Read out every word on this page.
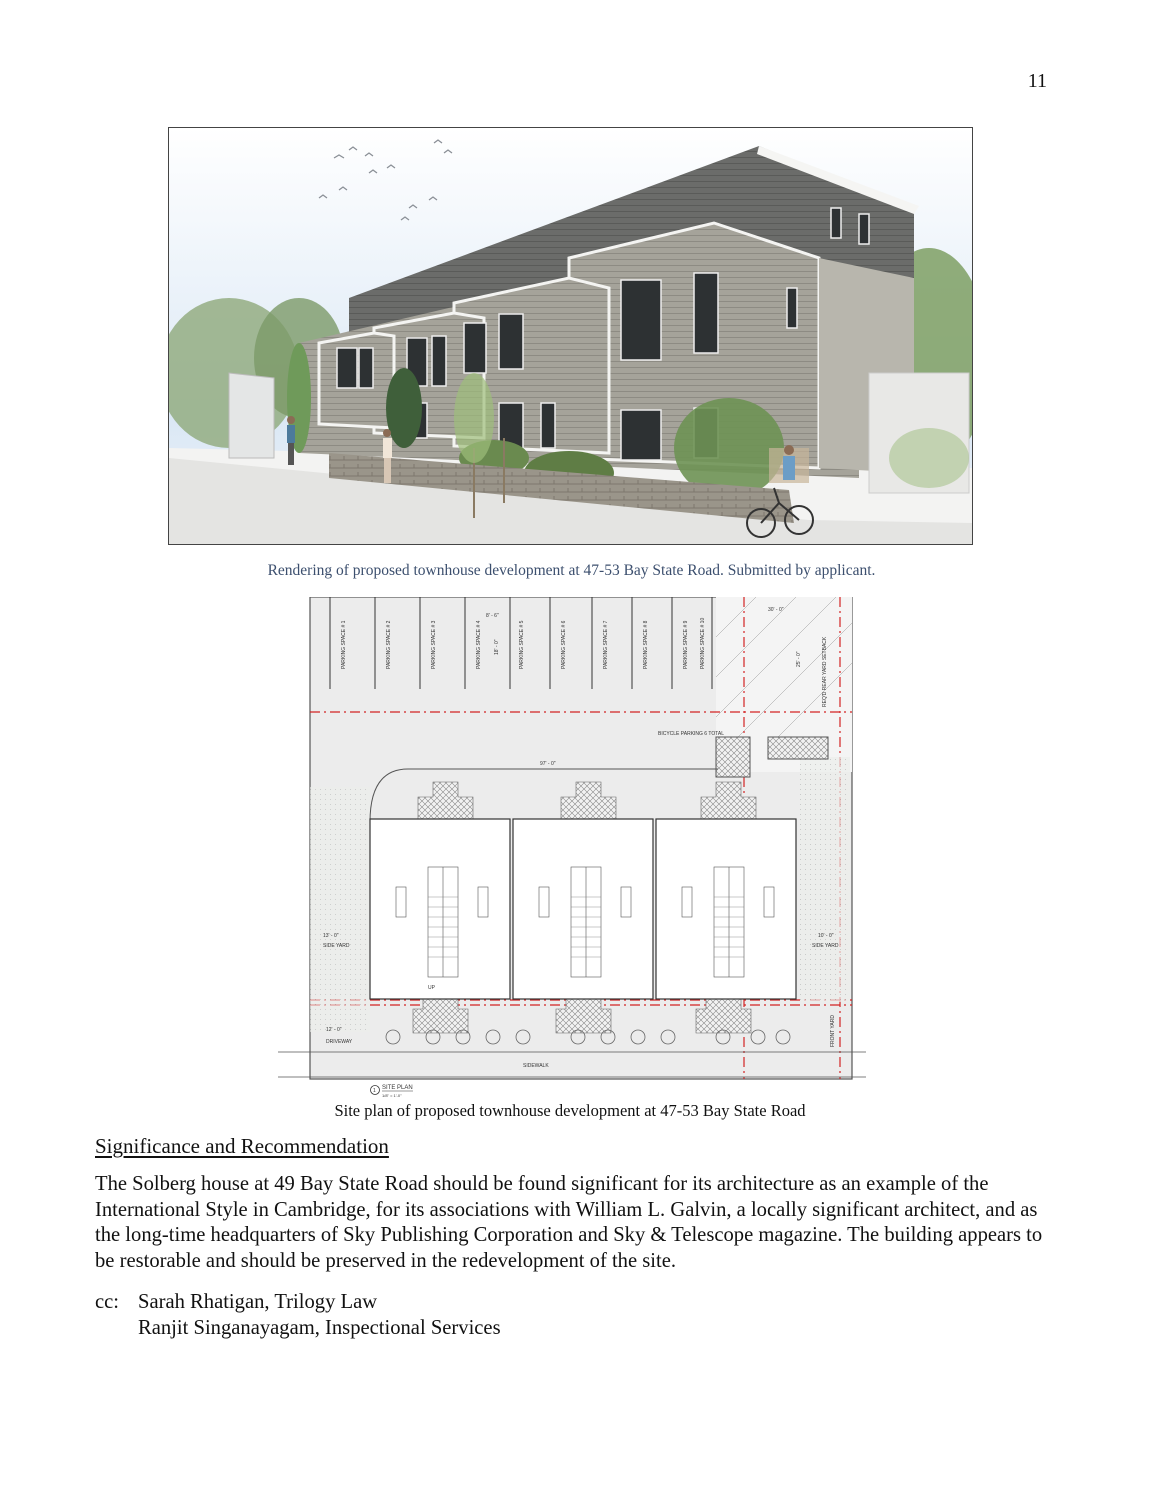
11
Rendering of proposed townhouse development at 47-53 Bay State Road. Submitted by applicant.
PARKING SPACE # 1	PARKING SPACE # 2	PARKING SPACE # 3	PARKING SPACE # 4	PARKING SPACE # 5	PARKING SPACE # 6	PARKING SPACE # 7	PARKING SPACE # 8	PARKING SPACE # 9 PARKING SPACE # 10
8' - 6"
18' - 0"
30' - 0"
REQ'D REAR YARD SETBACK
25' - 0"
BICYCLE PARKING 6 TOTAL
97' - 0"
UP
13' - 0"
SIDE YARD
10' - 0"
SIDE YARD
12' - 0"
DRIVEWAY
SIDEWALK
FRONT YARD
1 SITE PLAN
1/8" = 1'-0"
Site plan of proposed townhouse development at 47-53 Bay State Road
Significance and Recommendation

The Solberg house at 49 Bay State Road should be found significant for its architecture as an example of the International Style in Cambridge, for its associations with William L. Galvin, a locally significant architect, and as the long-time headquarters of Sky Publishing Corporation and Sky & Telescope magazine. The building appears to be restorable and should be preserved in the redevelopment of the site.

cc: Sarah Rhatigan, Trilogy Law
Ranjit Singanayagam, Inspectional Services
